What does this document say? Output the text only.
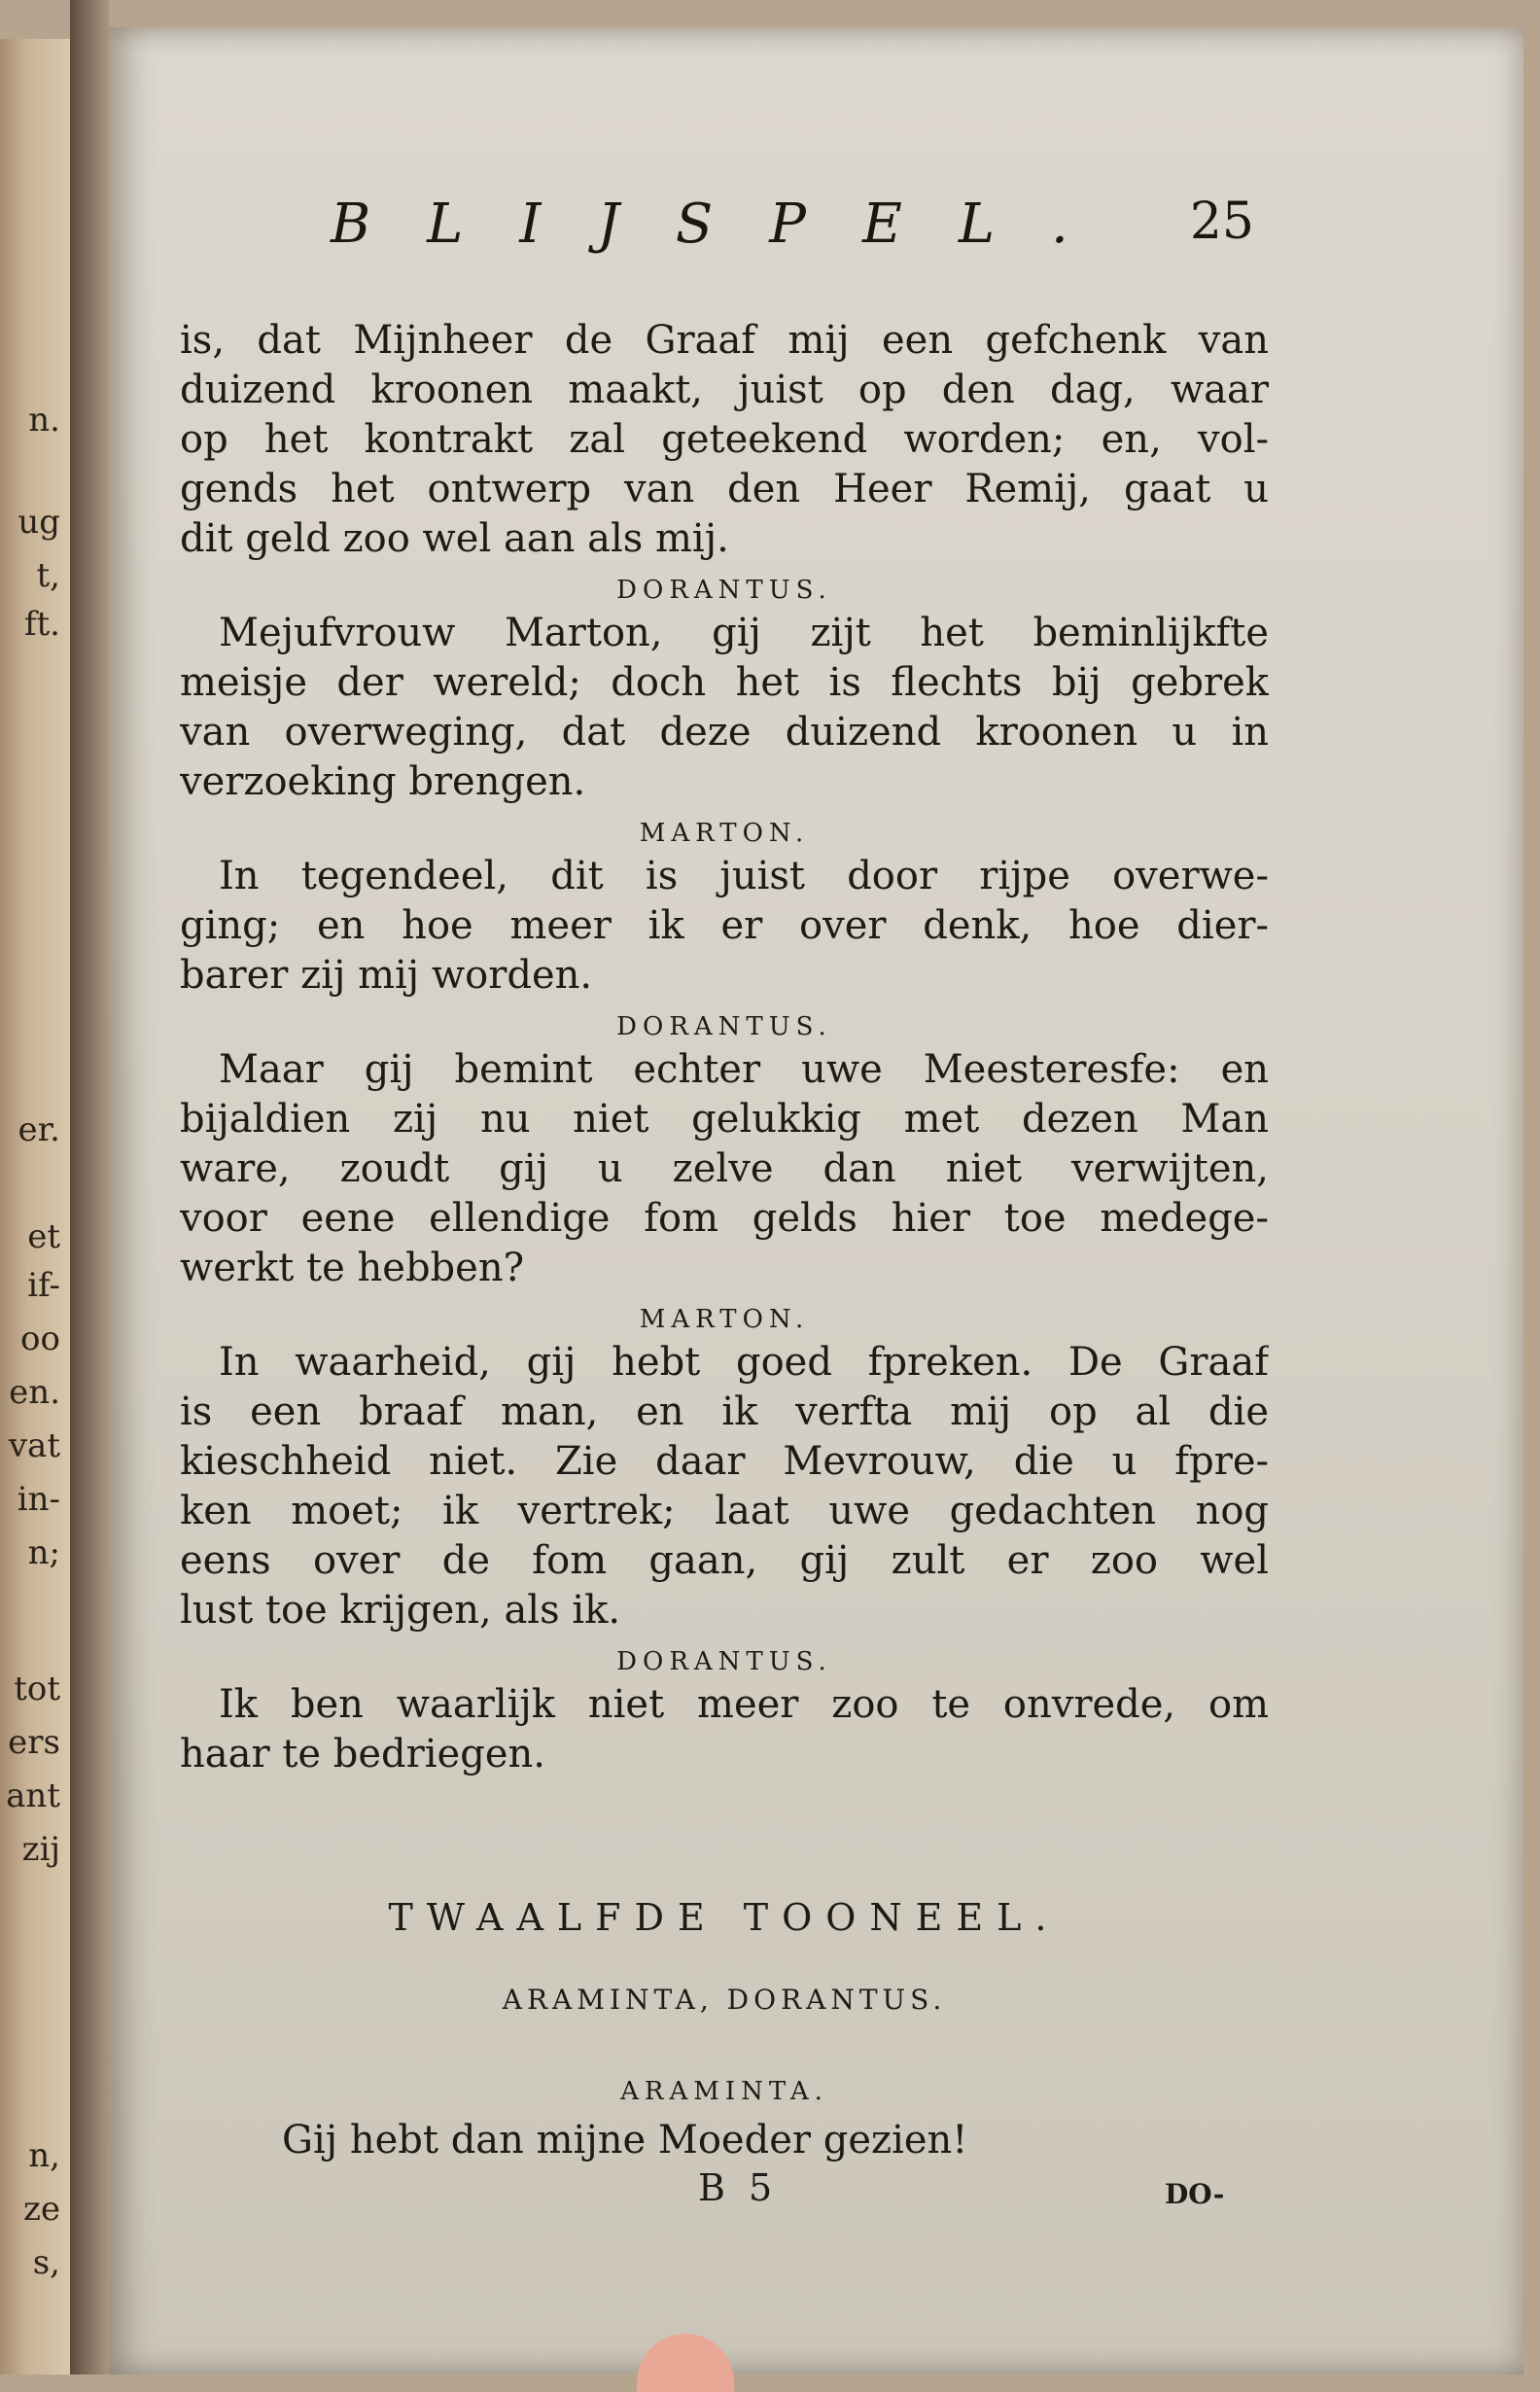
n.
ug
t,
ft.
er.
et
if-
oo
en.
vat
in-
n;
tot
ers
ant
zij
n,
ze
s,
BLIJSPEL. 25
is, dat Mijnheer de Graaf mij een gefchenk van
duizend kroonen maakt, juist op den dag, waar
op het kontrakt zal geteekend worden; en, vol-
gends het ontwerp van den Heer Remij, gaat u
dit geld zoo wel aan als mij.
DORANTUS.
Mejufvrouw Marton, gij zijt het beminlijkfte
meisje der wereld; doch het is flechts bij gebrek
van overweging, dat deze duizend kroonen u in
verzoeking brengen.
MARTON.
In tegendeel, dit is juist door rijpe overwe-
ging; en hoe meer ik er over denk, hoe dier-
barer zij mij worden.
DORANTUS.
Maar gij bemint echter uwe Meesteresfe: en
bijaldien zij nu niet gelukkig met dezen Man
ware, zoudt gij u zelve dan niet verwijten,
voor eene ellendige fom gelds hier toe medege-
werkt te hebben?
MARTON.
In waarheid, gij hebt goed fpreken. De Graaf
is een braaf man, en ik verfta mij op al die
kieschheid niet. Zie daar Mevrouw, die u fpre-
ken moet; ik vertrek; laat uwe gedachten nog
eens over de fom gaan, gij zult er zoo wel
lust toe krijgen, als ik.
DORANTUS.
Ik ben waarlijk niet meer zoo te onvrede, om
haar te bedriegen.
TWAALFDE TOONEEL.
ARAMINTA, DORANTUS.
ARAMINTA.
Gij hebt dan mijne Moeder gezien!
B 5	DO-
